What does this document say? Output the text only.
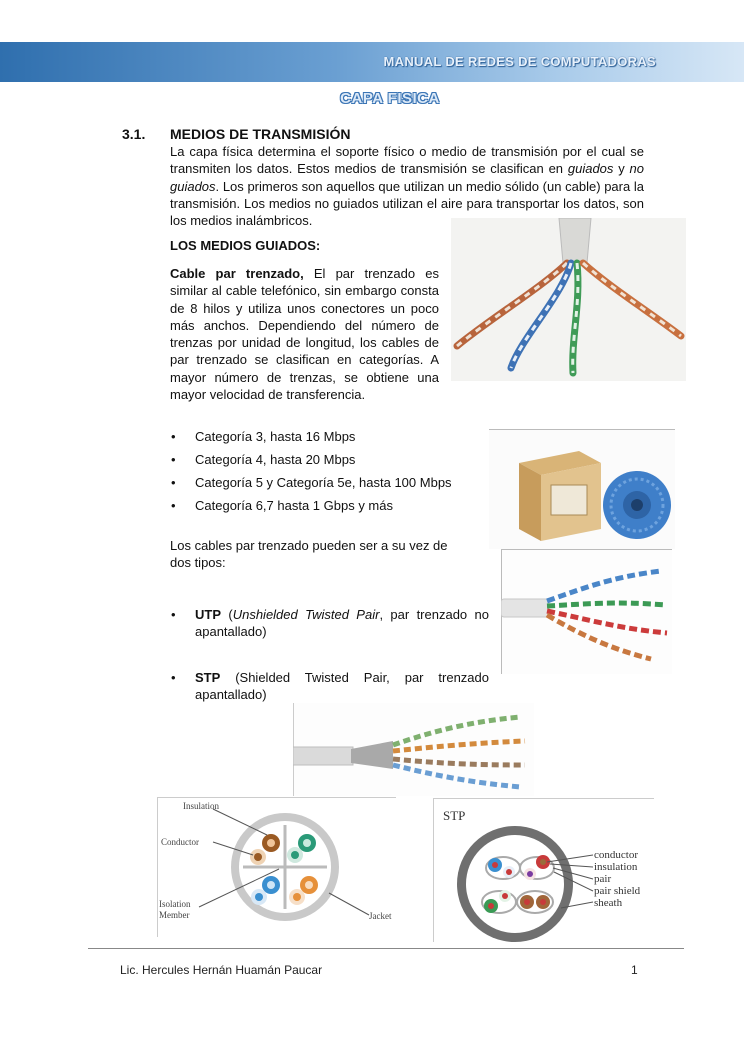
MANUAL DE REDES DE COMPUTADORAS
CAPA FISICA
3.1. MEDIOS DE TRANSMISIÓN
La capa física determina el soporte físico o medio de transmisión por el cual se transmiten los datos. Estos medios de transmisión se clasifican en guiados y no guiados. Los primeros son aquellos que utilizan un medio sólido (un cable) para la transmisión. Los medios no guiados utilizan el aire para transportar los datos, son los medios inalámbricos.
LOS MEDIOS GUIADOS:
Cable par trenzado, El par trenzado es similar al cable telefónico, sin embargo consta de 8 hilos y utiliza unos conectores un poco más anchos. Dependiendo del número de trenzas por unidad de longitud, los cables de par trenzado se clasifican en categorías. A mayor número de trenzas, se obtiene una mayor velocidad de transferencia.
• Categoría 3, hasta 16 Mbps
• Categoría 4, hasta 20 Mbps
• Categoría 5 y Categoría 5e, hasta 100 Mbps
• Categoría 6,7 hasta 1 Gbps y más
Los cables par trenzado pueden ser a su vez de dos tipos:
• UTP (Unshielded Twisted Pair, par trenzado no apantallado)
• STP (Shielded Twisted Pair, par trenzado apantallado)
Insulation
Conductor
Isolation
Member	Jacket
STP
conductor
insulation
pair
pair shield
sheath
Lic. Hercules Hernán Huamán Paucar	1
